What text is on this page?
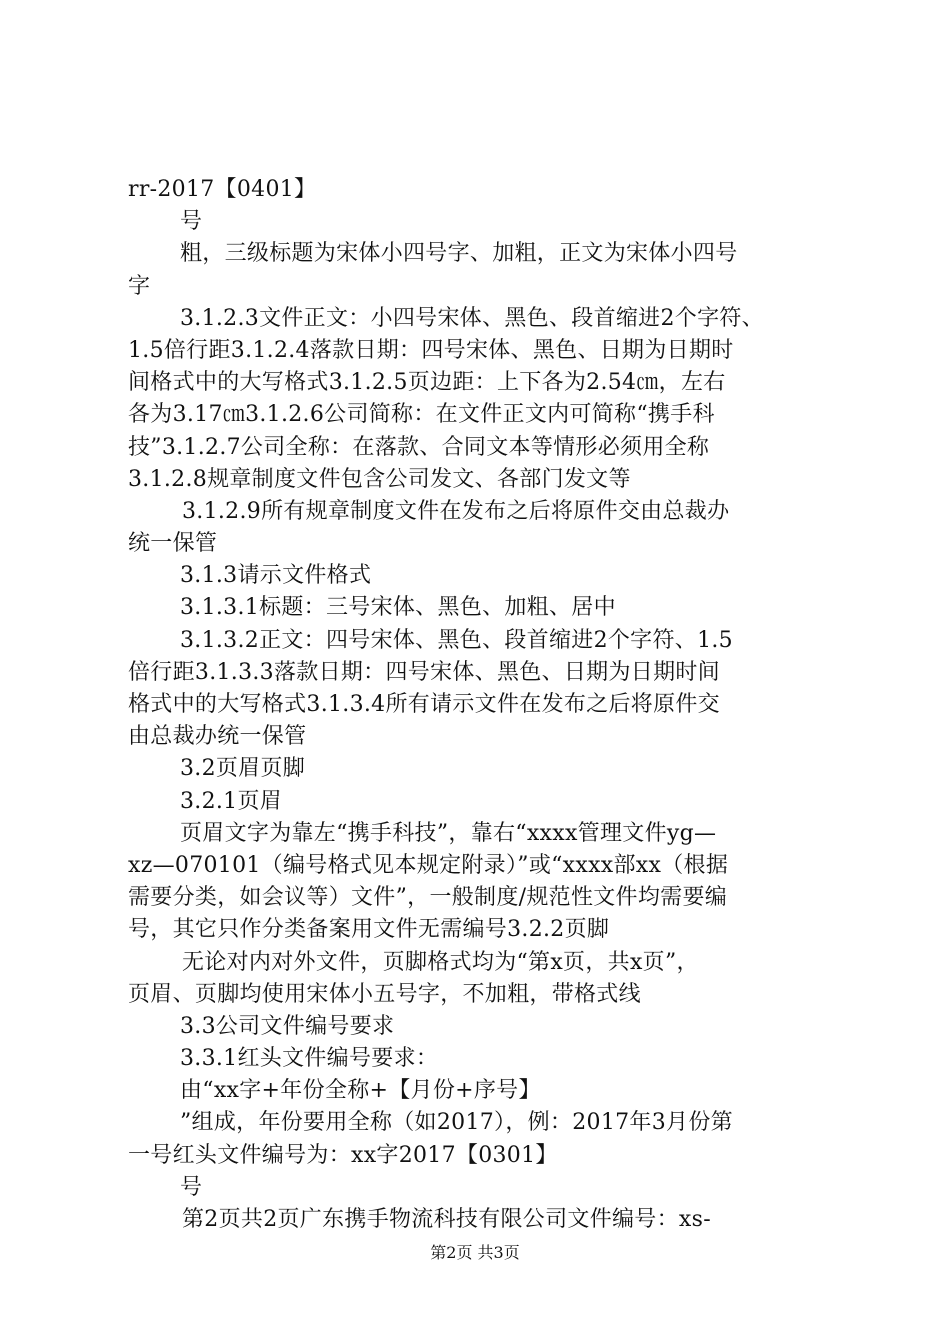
rr-2017【0401】
号
粗，三级标题为宋体小四号字、加粗，正文为宋体小四号
字
3.1.2.3文件正文：小四号宋体、黑色、段首缩进2个字符、
1.5倍行距3.1.2.4落款日期：四号宋体、黑色、日期为日期时
间格式中的大写格式3.1.2.5页边距：上下各为2.54㎝，左右
各为3.17㎝3.1.2.6公司简称：在文件正文内可简称“携手科
技”3.1.2.7公司全称：在落款、合同文本等情形必须用全称
3.1.2.8规章制度文件包含公司发文、各部门发文等
3.1.2.9所有规章制度文件在发布之后将原件交由总裁办
统一保管
3.1.3请示文件格式
3.1.3.1标题：三号宋体、黑色、加粗、居中
3.1.3.2正文：四号宋体、黑色、段首缩进2个字符、1.5
倍行距3.1.3.3落款日期：四号宋体、黑色、日期为日期时间
格式中的大写格式3.1.3.4所有请示文件在发布之后将原件交
由总裁办统一保管
3.2页眉页脚
3.2.1页眉
页眉文字为靠左“携手科技”，靠右“xxxx管理文件yg—
xz—070101（编号格式见本规定附录）”或“xxxx部xx（根据
需要分类，如会议等）文件”，一般制度/规范性文件均需要编
号，其它只作分类备案用文件无需编号3.2.2页脚
无论对内对外文件，页脚格式均为“第x页，共x页”，
页眉、页脚均使用宋体小五号字，不加粗，带格式线
3.3公司文件编号要求
3.3.1红头文件编号要求：
由“xx字+年份全称+【月份+序号】
”组成，年份要用全称（如2017），例：2017年3月份第
一号红头文件编号为：xx字2017【0301】
号
第2页共2页广东携手物流科技有限公司文件编号：xs-
第2页 共3页
